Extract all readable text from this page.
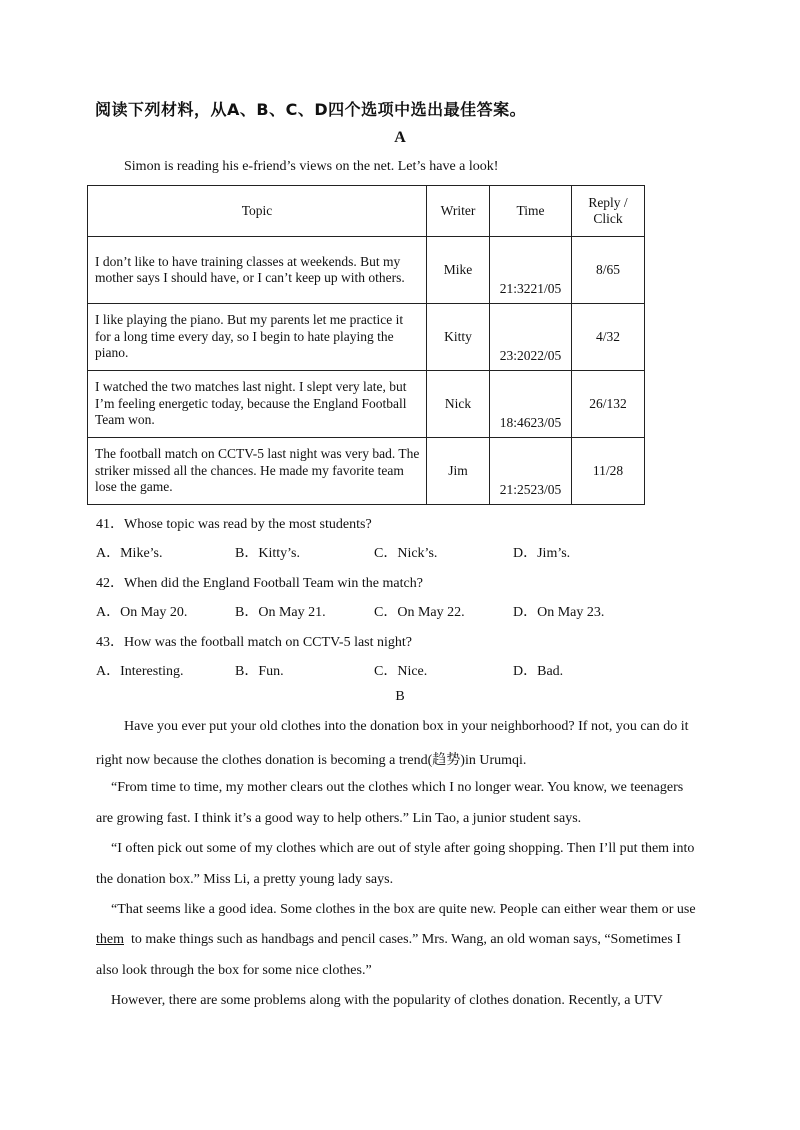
阅读下列材料，从A、B、C、D四个选项中选出最佳答案。
A
Simon is reading his e-friend’s views on the net. Let’s have a look!
Topic	Writer	Time	Reply /
Click

I don’t like to have training classes at weekends. But my mother says I should have, or I can’t keep up with others.	Mike	21:3221/05	8/65

I like playing the piano. But my parents let me practice it for a long time every day, so I begin to hate playing the piano.	Kitty	23:2022/05	4/32

I watched the two matches last night. I slept very late, but I’m feeling energetic today, because the England Football Team won.	Nick	18:4623/05	26/132

The football match on CCTV-5 last night was very bad. The striker missed all the chances. He made my favorite team lose the game.	Jim	21:2523/05	11/28
41．Whose topic was read by the most students?
A．Mike’s.	B．Kitty’s.	C．Nick’s.	D．Jim’s.
42．When did the England Football Team win the match?
A．On May 20.	B．On May 21.	C．On May 22.	D．On May 23.
43．How was the football match on CCTV-5 last night?
A．Interesting.	B．Fun.	C．Nice.	D．Bad.
B
Have you ever put your old clothes into the donation box in your neighborhood? If not, you can do it
right now because the clothes donation is becoming a trend(趋势)in Urumqi.
“From time to time, my mother clears out the clothes which I no longer wear. You know, we teenagers
are growing fast. I think it’s a good way to help others.” Lin Tao, a junior student says.
“I often pick out some of my clothes which are out of style after going shopping. Then I’ll put them into
the donation box.” Miss Li, a pretty young lady says.
“That seems like a good idea. Some clothes in the box are quite new. People can either wear them or use
them to make things such as handbags and pencil cases.” Mrs. Wang, an old woman says, “Sometimes I
also look through the box for some nice clothes.”
However, there are some problems along with the popularity of clothes donation. Recently, a UTV
